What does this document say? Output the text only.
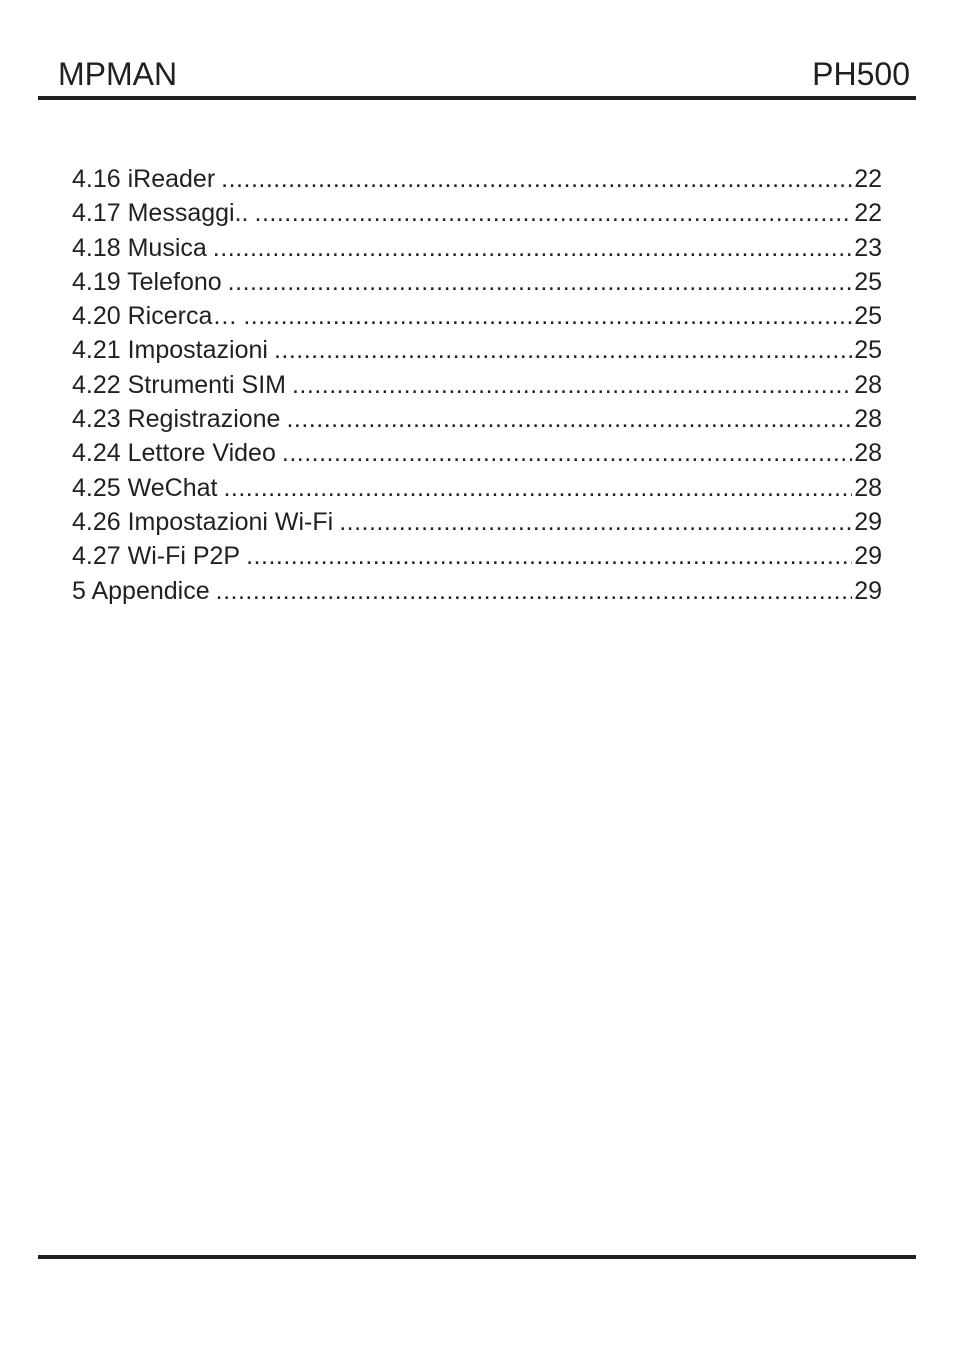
MPMAN	PH500
4.16 iReader .....	22
4.17 Messaggi.. .....	22
4.18 Musica .....	23
4.19 Telefono .....	25
4.20 Ricerca… .....	25
4.21 Impostazioni .....	25
4.22 Strumenti SIM .....	28
4.23 Registrazione .....	28
4.24 Lettore Video .....	28
4.25 WeChat .....	28
4.26 Impostazioni Wi-Fi .....	29
4.27 Wi-Fi P2P .....	29
5 Appendice .....	29
